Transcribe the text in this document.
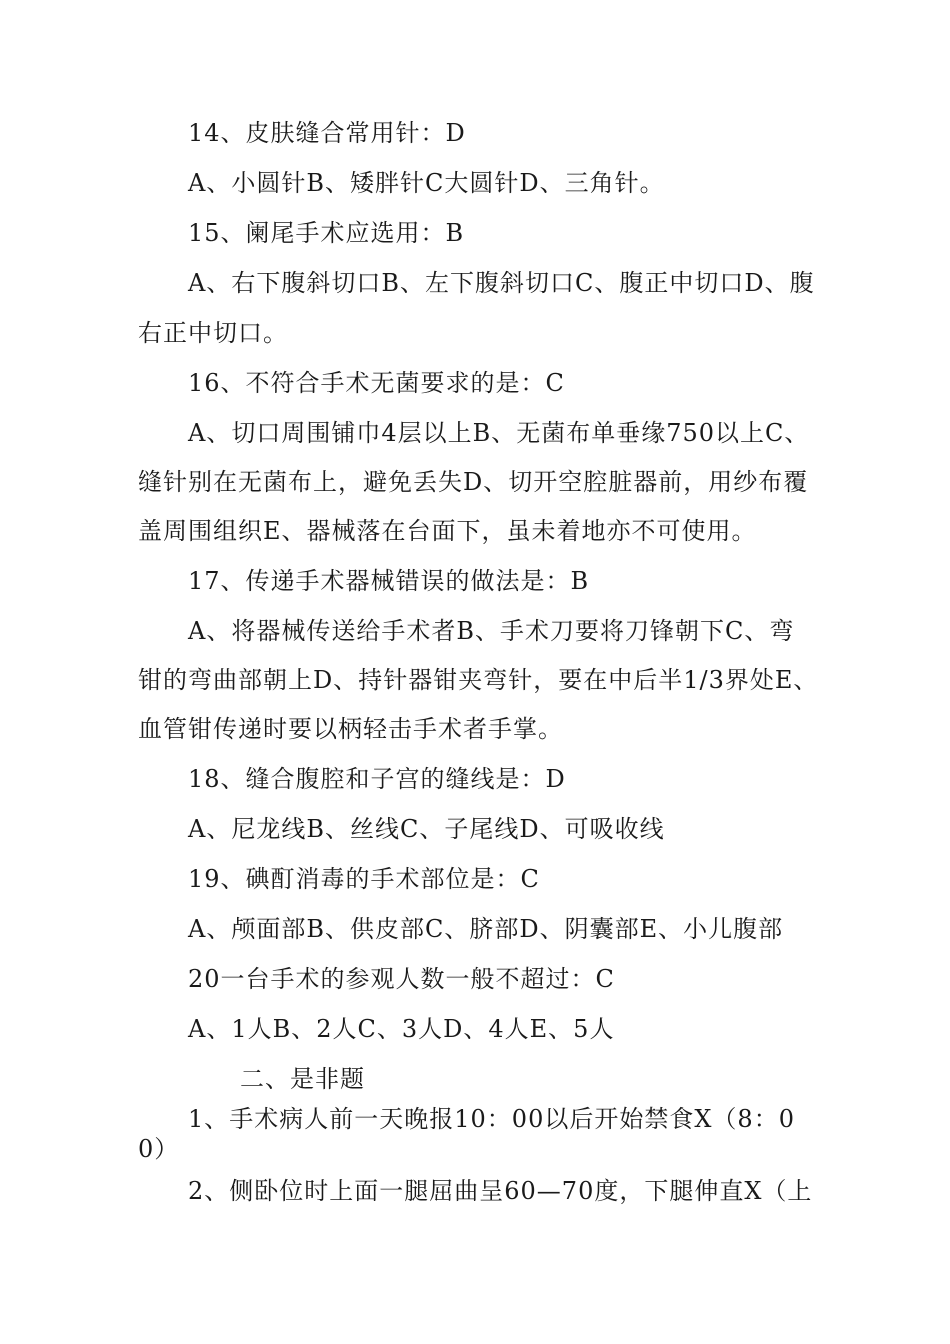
14、皮肤缝合常用针：D
A、小圆针B、矮胖针C大圆针D、三角针。
15、阑尾手术应选用：B
A、右下腹斜切口B、左下腹斜切口C、腹正中切口D、腹
右正中切口。
16、不符合手术无菌要求的是：C
A、切口周围铺巾4层以上B、无菌布单垂缘750以上C、
缝针别在无菌布上，避免丢失D、切开空腔脏器前，用纱布覆
盖周围组织E、器械落在台面下，虽未着地亦不可使用。
17、传递手术器械错误的做法是：B
A、将器械传送给手术者B、手术刀要将刀锋朝下C、弯
钳的弯曲部朝上D、持针器钳夹弯针，要在中后半1/3界处E、
血管钳传递时要以柄轻击手术者手掌。
18、缝合腹腔和子宫的缝线是：D
A、尼龙线B、丝线C、子尾线D、可吸收线
19、碘酊消毒的手术部位是：C
A、颅面部B、供皮部C、脐部D、阴囊部E、小儿腹部
20一台手术的参观人数一般不超过：C
A、1人B、2人C、3人D、4人E、5人
二、是非题
1、手术病人前一天晚报10：00以后开始禁食X（8：0
0）
2、侧卧位时上面一腿屈曲呈60—70度，下腿伸直X（上
